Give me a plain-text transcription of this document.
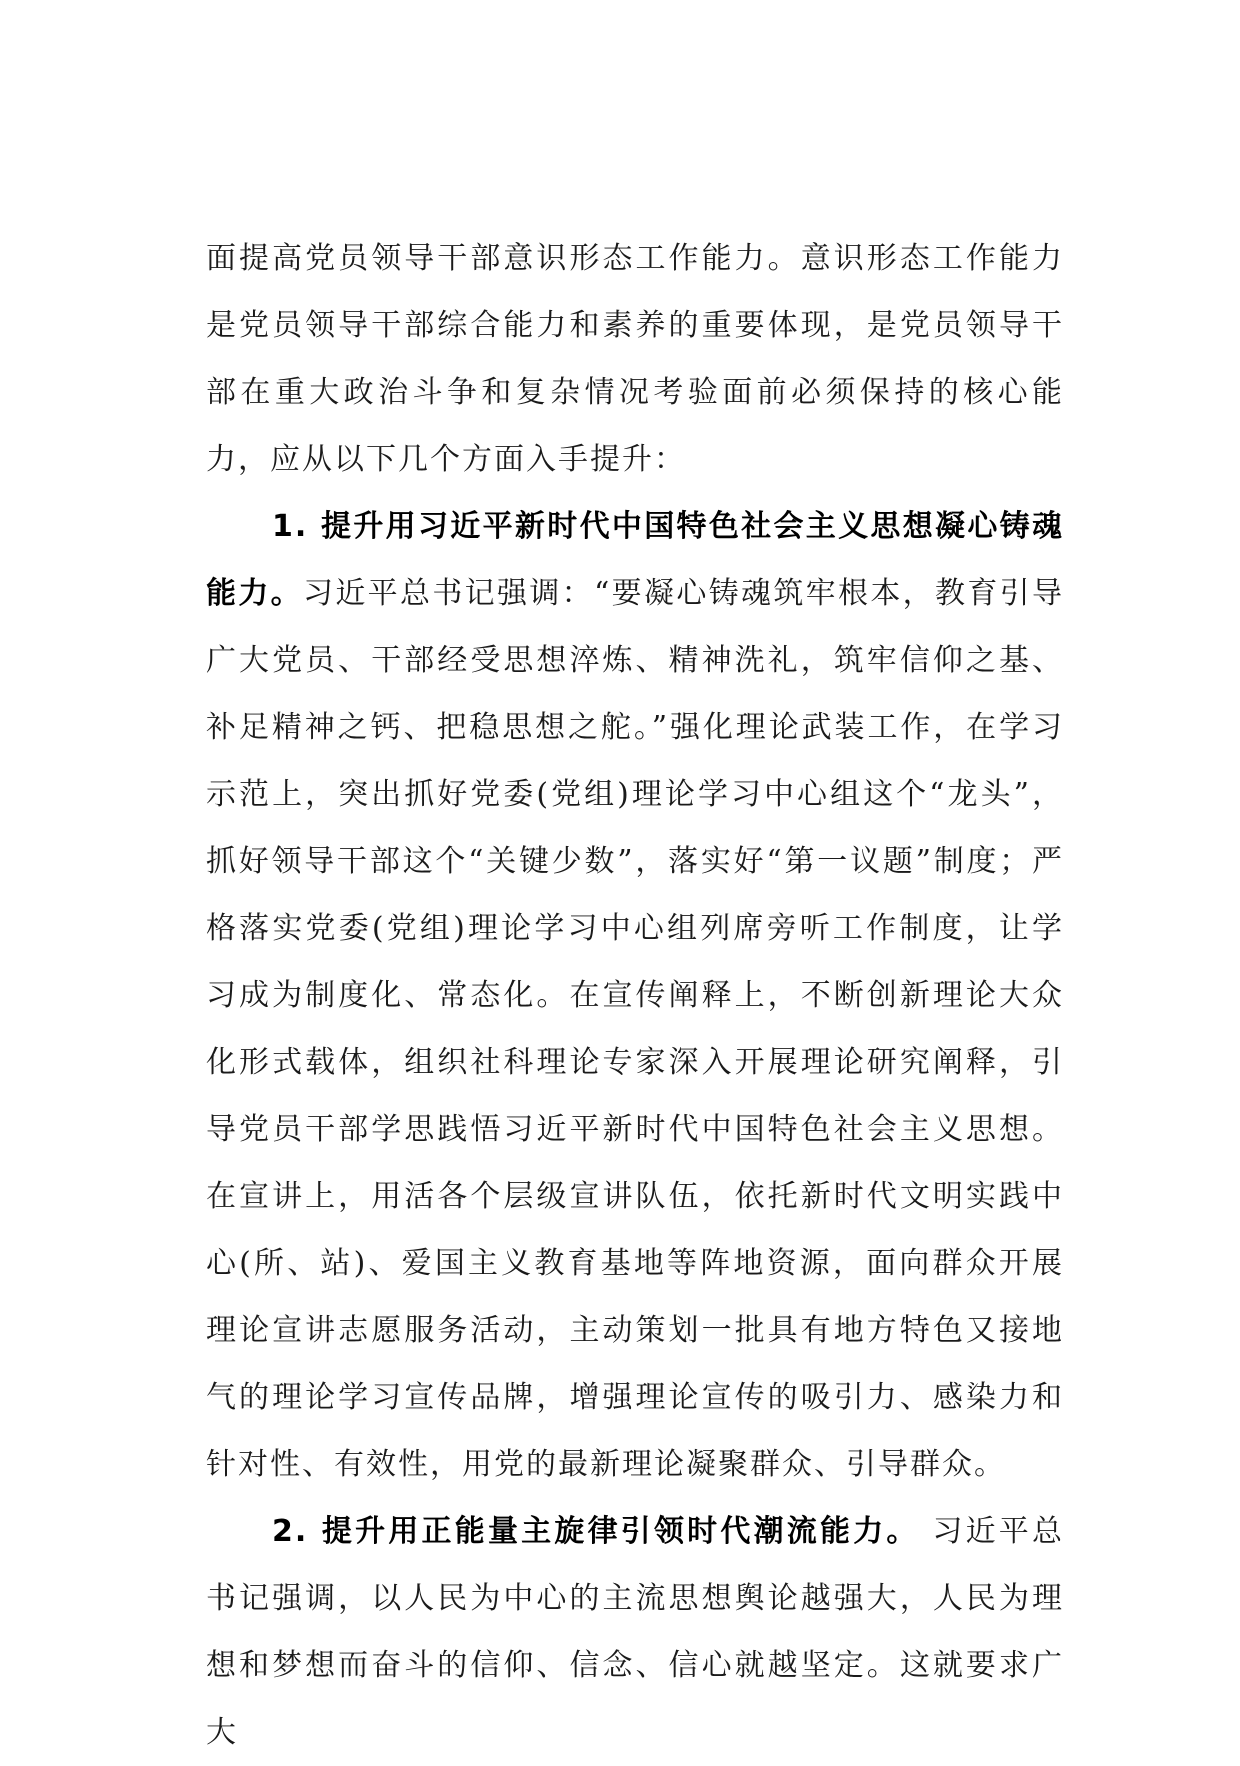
面提高党员领导干部意识形态工作能力。意识形态工作能力是党员领导干部综合能力和素养的重要体现，是党员领导干部在重大政治斗争和复杂情况考验面前必须保持的核心能力，应从以下几个方面入手提升：

1. 提升用习近平新时代中国特色社会主义思想凝心铸魂能力。习近平总书记强调：“要凝心铸魂筑牢根本，教育引导广大党员、干部经受思想淬炼、精神洗礼，筑牢信仰之基、补足精神之钙、把稳思想之舵。”强化理论武装工作，在学习示范上，突出抓好党委(党组)理论学习中心组这个“龙头”，抓好领导干部这个“关键少数”，落实好“第一议题”制度；严格落实党委(党组)理论学习中心组列席旁听工作制度，让学习成为制度化、常态化。在宣传阐释上，不断创新理论大众化形式载体，组织社科理论专家深入开展理论研究阐释，引导党员干部学思践悟习近平新时代中国特色社会主义思想。在宣讲上，用活各个层级宣讲队伍，依托新时代文明实践中心(所、站)、爱国主义教育基地等阵地资源，面向群众开展理论宣讲志愿服务活动，主动策划一批具有地方特色又接地气的理论学习宣传品牌，增强理论宣传的吸引力、感染力和针对性、有效性，用党的最新理论凝聚群众、引导群众。

2. 提升用正能量主旋律引领时代潮流能力。 习近平总书记强调，以人民为中心的主流思想舆论越强大，人民为理想和梦想而奋斗的信仰、信念、信心就越坚定。这就要求广大
